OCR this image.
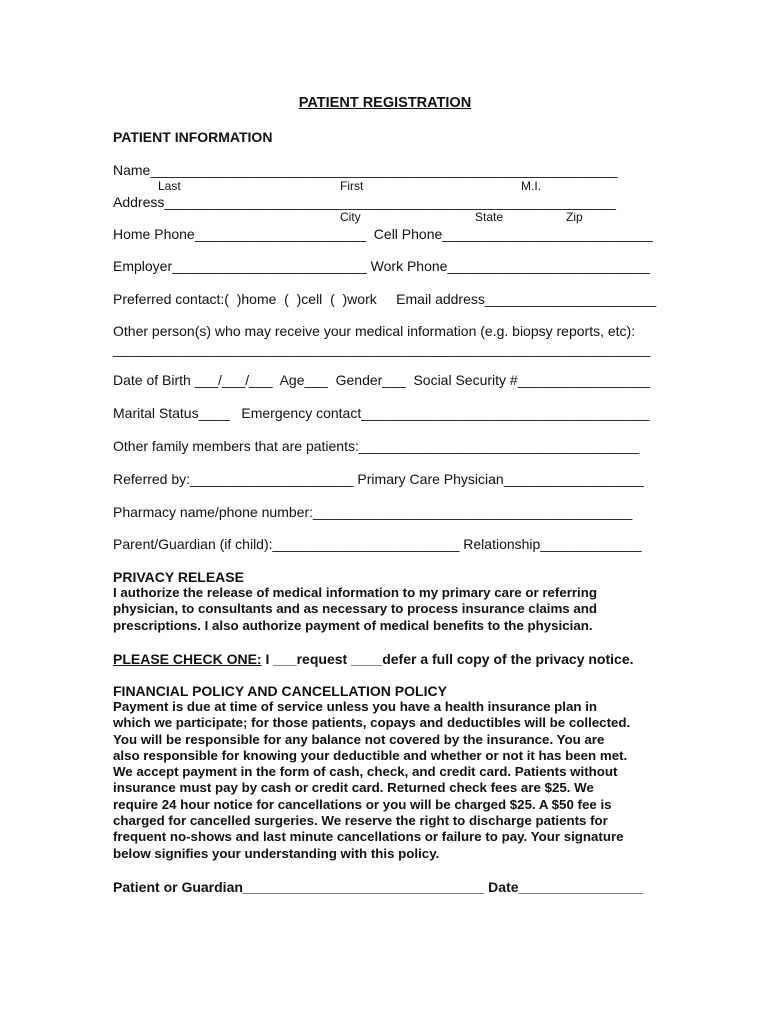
PATIENT REGISTRATION
PATIENT INFORMATION
Name____________________________________________________________
Last	First	M.I.
Address__________________________________________________________
City	State	Zip
Home Phone______________________  Cell Phone___________________________
Employer_________________________ Work Phone__________________________
Preferred contact:(  )home  (  )cell  (  )work     Email address______________________
Other person(s) who may receive your medical information (e.g. biopsy reports, etc):
_____________________________________________________________________
Date of Birth ___/___/___  Age___  Gender___  Social Security #_________________
Marital Status____   Emergency contact_____________________________________
Other family members that are patients:____________________________________
Referred by:_____________________ Primary Care Physician__________________
Pharmacy name/phone number:_________________________________________
Parent/Guardian (if child):________________________ Relationship_____________
PRIVACY RELEASE
I authorize the release of medical information to my primary care or referring
physician, to consultants and as necessary to process insurance claims and
prescriptions. I also authorize payment of medical benefits to the physician.
PLEASE CHECK ONE: I ___request ____defer a full copy of the privacy notice.
FINANCIAL POLICY AND CANCELLATION POLICY
Payment is due at time of service unless you have a health insurance plan in
which we participate; for those patients, copays and deductibles will be collected.
You will be responsible for any balance not covered by the insurance. You are
also responsible for knowing your deductible and whether or not it has been met.
We accept payment in the form of cash, check, and credit card. Patients without
insurance must pay by cash or credit card. Returned check fees are $25. We
require 24 hour notice for cancellations or you will be charged $25. A $50 fee is
charged for cancelled surgeries. We reserve the right to discharge patients for
frequent no-shows and last minute cancellations or failure to pay. Your signature
below signifies your understanding with this policy.
Patient or Guardian_______________________________ Date________________
